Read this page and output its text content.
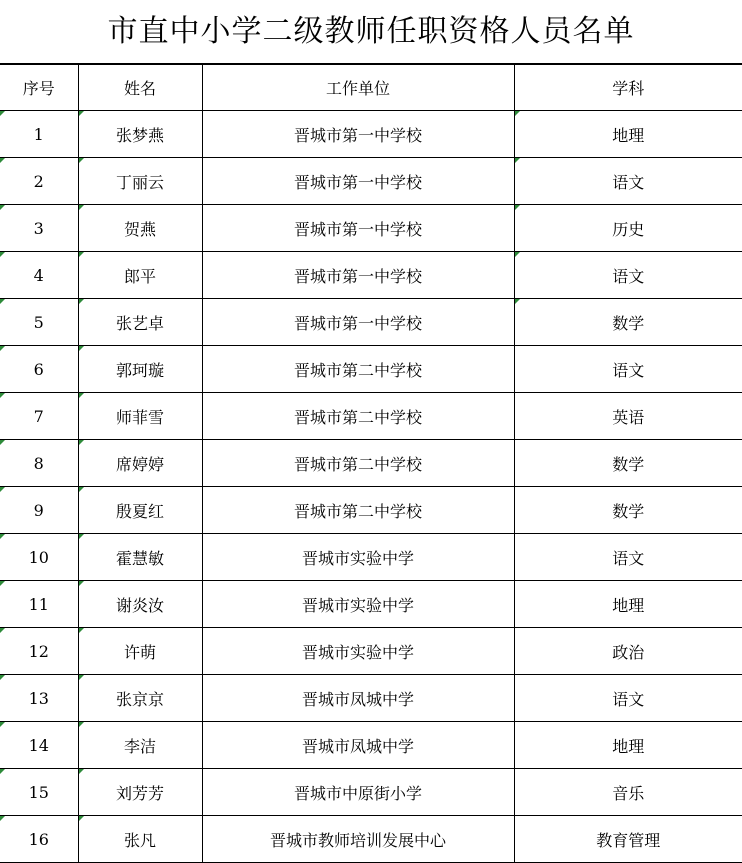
市直中小学二级教师任职资格人员名单
序号	姓名	工作单位	学科
1	张梦燕	晋城市第一中学校	地理
2	丁丽云	晋城市第一中学校	语文
3	贺燕	晋城市第一中学校	历史
4	郎平	晋城市第一中学校	语文
5	张艺卓	晋城市第一中学校	数学
6	郭珂璇	晋城市第二中学校	语文
7	师菲雪	晋城市第二中学校	英语
8	席婷婷	晋城市第二中学校	数学
9	殷夏红	晋城市第二中学校	数学
10	霍慧敏	晋城市实验中学	语文
11	谢炎汝	晋城市实验中学	地理
12	许萌	晋城市实验中学	政治
13	张京京	晋城市凤城中学	语文
14	李洁	晋城市凤城中学	地理
15	刘芳芳	晋城市中原街小学	音乐
16	张凡	晋城市教师培训发展中心	教育管理
